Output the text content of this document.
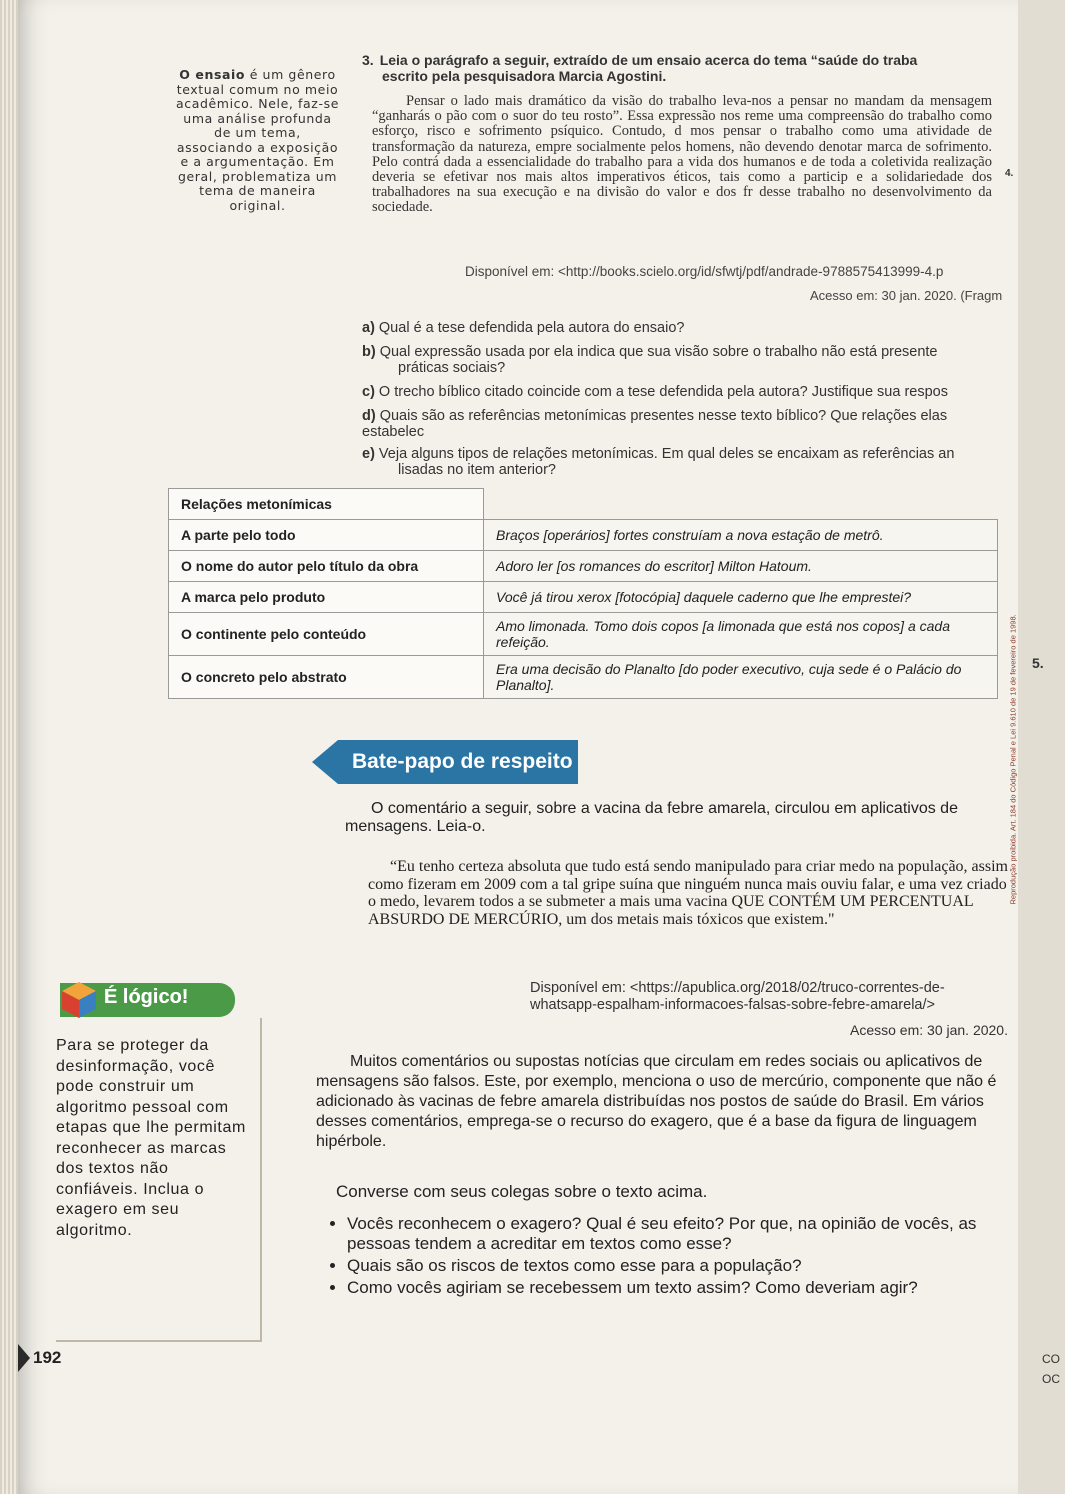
O ensaio é um gênero textual comum no meio acadêmico. Nele, faz-se uma análise profunda de um tema, associando a exposição e a argumentação. Em geral, problematiza um tema de maneira original.
3. Leia o parágrafo a seguir, extraído de um ensaio acerca do tema “saúde do traba
escrito pela pesquisadora Marcia Agostini.
Pensar o lado mais dramático da visão do trabalho leva-nos a pensar no mandam da mensagem “ganharás o pão com o suor do teu rosto”. Essa expressão nos reme uma compreensão do trabalho como esforço, risco e sofrimento psíquico. Contudo, d mos pensar o trabalho como uma atividade de transformação da natureza, empre socialmente pelos homens, não devendo denotar marca de sofrimento. Pelo contrá dada a essencialidade do trabalho para a vida dos humanos e de toda a coletivida realização deveria se efetivar nos mais altos imperativos éticos, tais como a particip e a solidariedade dos trabalhadores na sua execução e na divisão do valor e dos fr desse trabalho no desenvolvimento da sociedade.
Disponível em: <http://books.scielo.org/id/sfwtj/pdf/andrade-9788575413999-4.p
Acesso em: 30 jan. 2020. (Fragm
a) Qual é a tese defendida pela autora do ensaio?
b) Qual expressão usada por ela indica que sua visão sobre o trabalho não está presente
práticas sociais?
c) O trecho bíblico citado coincide com a tese defendida pela autora? Justifique sua respos
d) Quais são as referências metonímicas presentes nesse texto bíblico? Que relações elas estabelec
e) Veja alguns tipos de relações metonímicas. Em qual deles se encaixam as referências an
lisadas no item anterior?
Relações metonímicas	
A parte pelo todo	Braços [operários] fortes construíam a nova estação de metrô.
O nome do autor pelo título da obra	Adoro ler [os romances do escritor] Milton Hatoum.
A marca pelo produto	Você já tirou xerox [fotocópia] daquele caderno que lhe emprestei?
O continente pelo conteúdo	Amo limonada. Tomo dois copos [a limonada que está nos copos] a cada refeição.
O concreto pelo abstrato	Era uma decisão do Planalto [do poder executivo, cuja sede é o Palácio do Planalto].
Bate-papo de respeito
O comentário a seguir, sobre a vacina da febre amarela, circulou em aplicativos de mensagens. Leia-o.
“Eu tenho certeza absoluta que tudo está sendo manipulado para criar medo na população, assim como fizeram em 2009 com a tal gripe suína que ninguém nunca mais ouviu falar, e uma vez criado o medo, levarem todos a se submeter a mais uma vacina QUE CONTÉM UM PERCENTUAL ABSURDO DE MERCÚRIO, um dos metais mais tóxicos que existem."
Disponível em: <https://apublica.org/2018/02/truco-correntes-de-whatsapp-espalham-informacoes-falsas-sobre-febre-amarela/>
Acesso em: 30 jan. 2020.
Muitos comentários ou supostas notícias que circulam em redes sociais ou aplicativos de mensagens são falsos. Este, por exemplo, menciona o uso de mercúrio, componente que não é adicionado às vacinas de febre amarela distribuídas nos postos de saúde do Brasil. Em vários desses comentários, emprega-se o recurso do exagero, que é a base da figura de linguagem hipérbole.
Converse com seus colegas sobre o texto acima.
• Vocês reconhecem o exagero? Qual é seu efeito? Por que, na opinião de vocês, as pessoas tendem a acreditar em textos como esse?
• Quais são os riscos de textos como esse para a população?
• Como vocês agiriam se recebessem um texto assim? Como deveriam agir?
É lógico!
Para se proteger da desinformação, você pode construir um algoritmo pessoal com etapas que lhe permitam reconhecer as marcas dos textos não confiáveis. Inclua o exagero em seu algoritmo.
192
4.
5.
Reprodução proibida. Art. 184 do Código Penal e Lei 9.610 de 19 de fevereiro de 1998.
CO
OC
